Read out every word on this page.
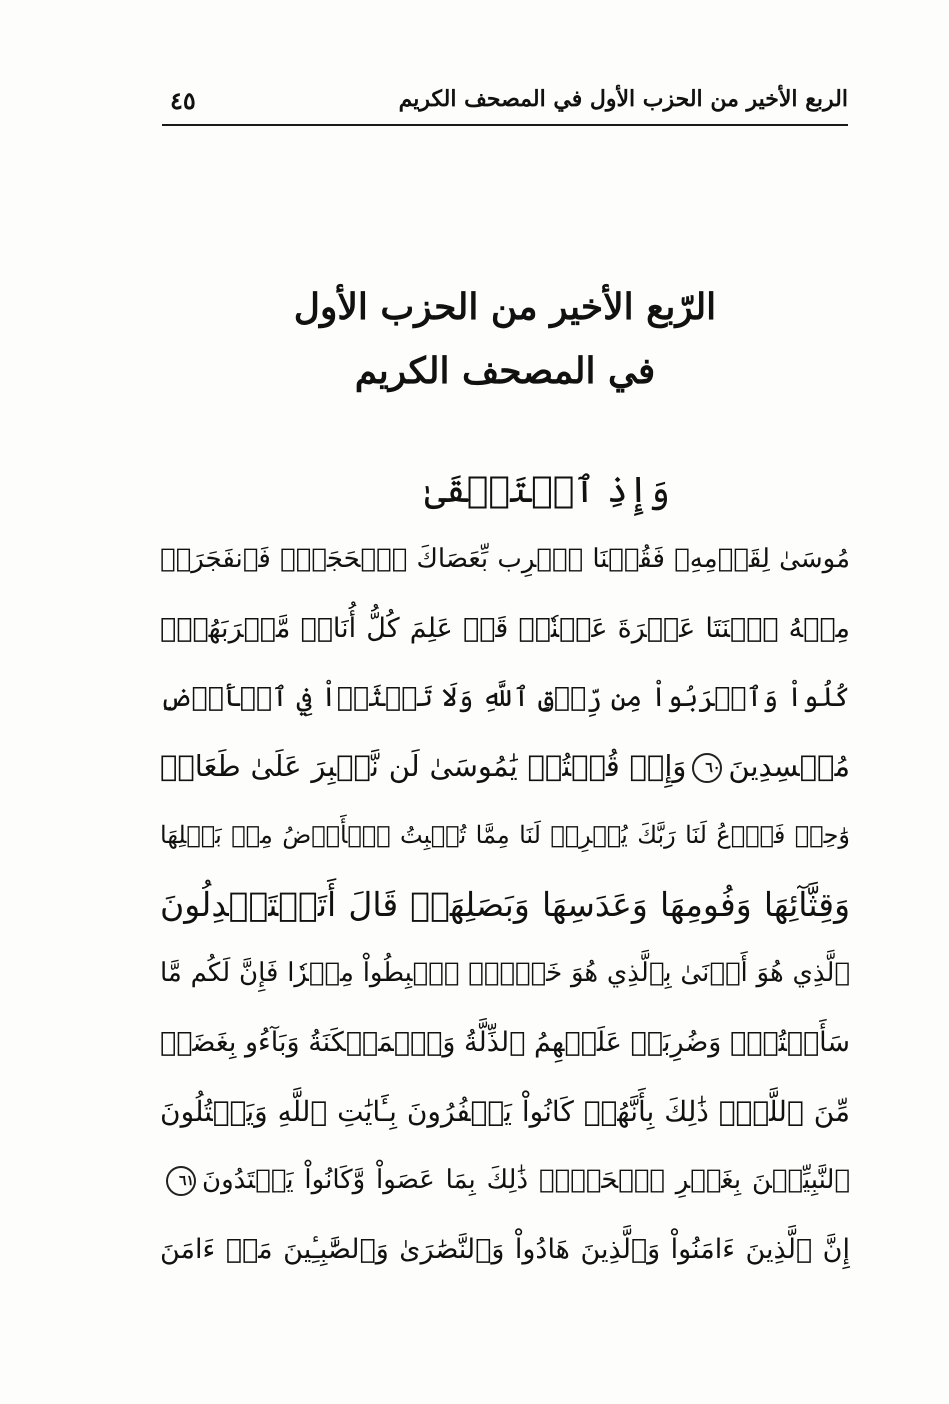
الربع الأخير من الحزب الأول في المصحف الكريم
٤٥
الرّبع الأخير من الحزب الأول
في المصحف الكريم
وَإِذِ ٱسۡتَسۡقَىٰ
مُوسَىٰ لِقَوۡمِهِۦ فَقُلۡنَا ٱضۡرِب بِّعَصَاكَ ٱلۡحَجَرَۖ فَٱنفَجَرَتۡ
مِنۡهُ ٱثۡنَتَا عَشۡرَةَ عَيۡنٗاۖ قَدۡ عَلِمَ كُلُّ أُنَاسٖ مَّشۡرَبَهُمۡۖ
كُلُواْ وَٱشۡرَبُواْ مِن رِّزۡقِ ٱللَّهِ وَلَا تَعۡثَوۡاْ فِي ٱلۡأَرۡضِ
مُفۡسِدِينَ٦٠وَإِذۡ قُلۡتُمۡ يَٰمُوسَىٰ لَن نَّصۡبِرَ عَلَىٰ طَعَامٖ
وَٰحِدٖ فَٱدۡعُ لَنَا رَبَّكَ يُخۡرِجۡ لَنَا مِمَّا تُنۢبِتُ ٱلۡأَرۡضُ مِنۢ بَقۡلِهَا
وَقِثَّآئِهَا وَفُومِهَا وَعَدَسِهَا وَبَصَلِهَاۖ قَالَ أَتَسۡتَبۡدِلُونَ
ٱلَّذِي هُوَ أَدۡنَىٰ بِٱلَّذِي هُوَ خَيۡرٌۚ ٱهۡبِطُواْ مِصۡرٗا فَإِنَّ لَكُم مَّا
سَأَلۡتُمۡۗ وَضُرِبَتۡ عَلَيۡهِمُ ٱلذِّلَّةُ وَٱلۡمَسۡكَنَةُ وَبَآءُو بِغَضَبٖ
مِّنَ ٱللَّهِۗ ذَٰلِكَ بِأَنَّهُمۡ كَانُواْ يَكۡفُرُونَ بِـَٔايَٰتِ ٱللَّهِ وَيَقۡتُلُونَ
ٱلنَّبِيِّـۧنَ بِغَيۡرِ ٱلۡحَقِّۗ ذَٰلِكَ بِمَا عَصَواْ وَّكَانُواْ يَعۡتَدُونَ٦١
إِنَّ ٱلَّذِينَ ءَامَنُواْ وَٱلَّذِينَ هَادُواْ وَٱلنَّصَٰرَىٰ وَٱلصَّٰبِـِٔينَ مَنۡ ءَامَنَ
